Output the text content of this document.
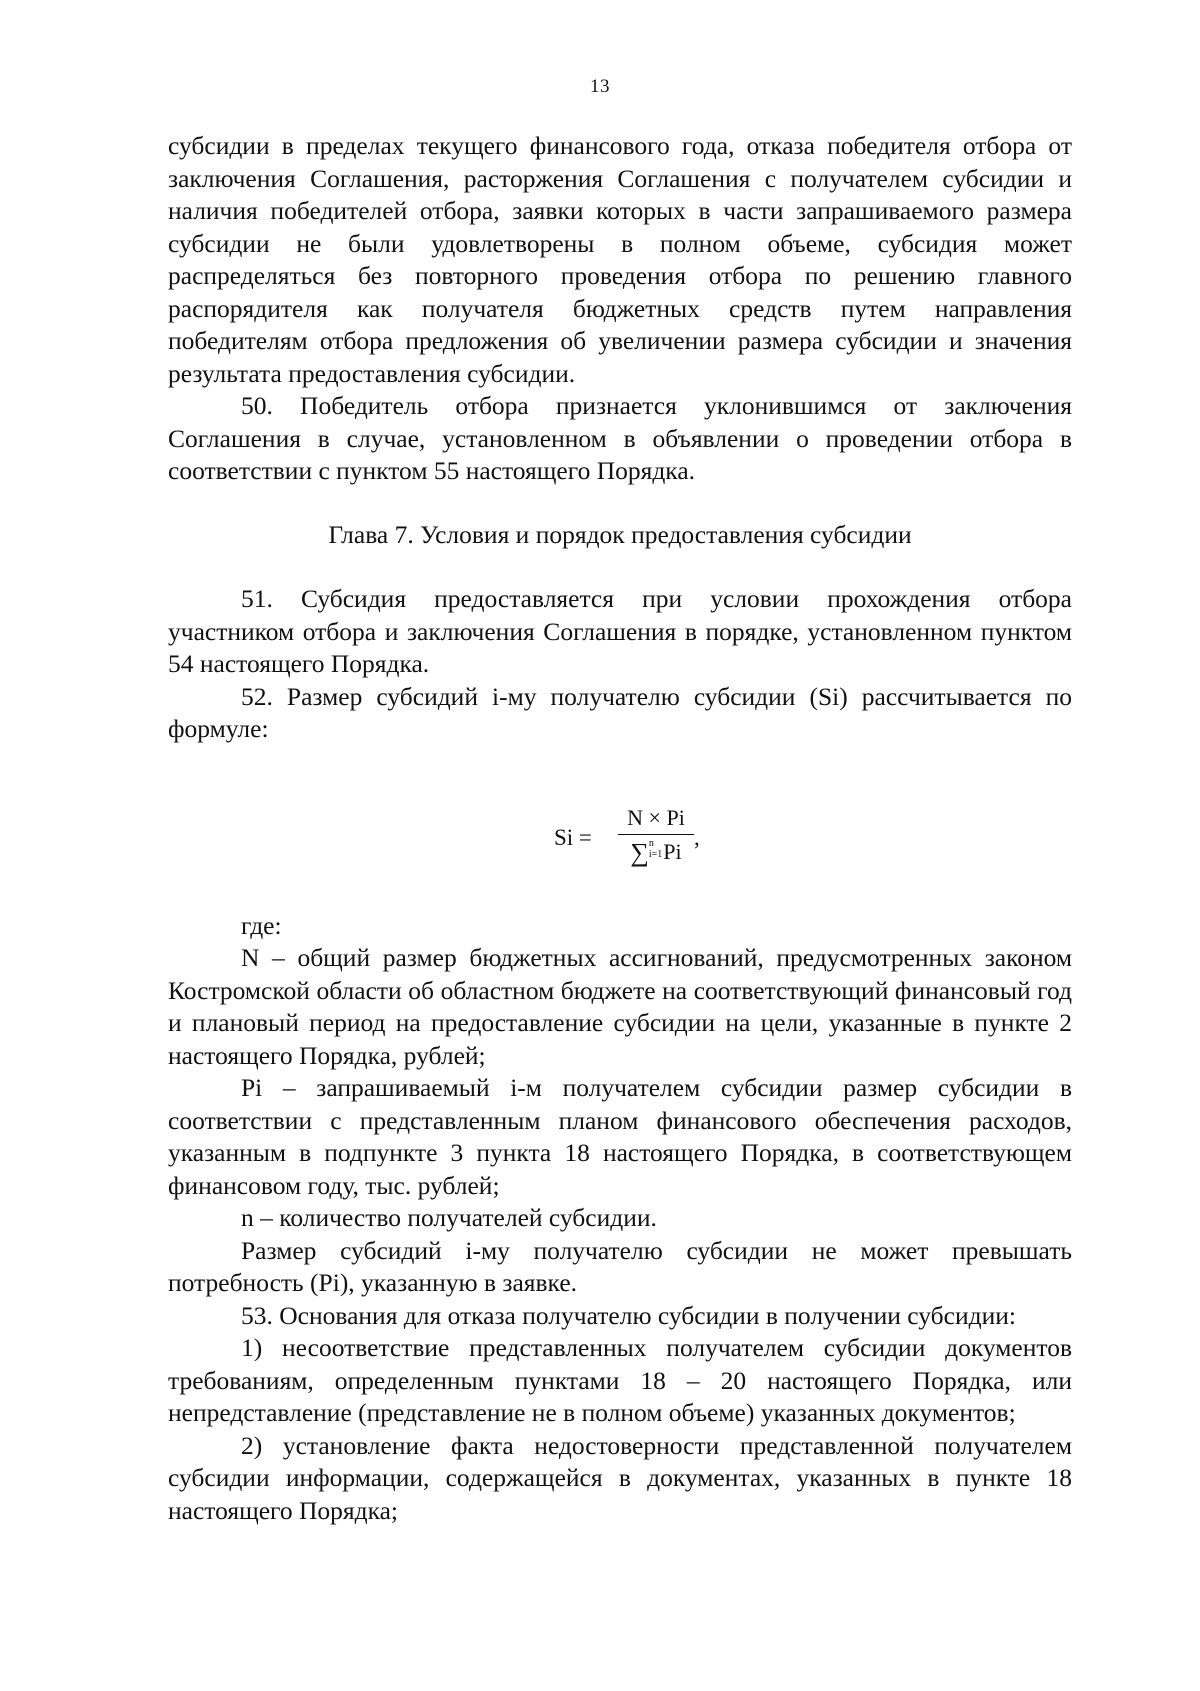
13

субсидии в пределах текущего финансового года, отказа победителя отбора от заключения Соглашения, расторжения Соглашения с получателем субсидии и наличия победителей отбора, заявки которых в части запрашиваемого размера субсидии не были удовлетворены в полном объеме, субсидия может распределяться без повторного проведения отбора по решению главного распорядителя как получателя бюджетных средств путем направления победителям отбора предложения об увеличении размера субсидии и значения результата предоставления субсидии.

50. Победитель отбора признается уклонившимся от заключения Соглашения в случае, установленном в объявлении о проведении отбора в соответствии с пунктом 55 настоящего Порядка.

Глава 7. Условия и порядок предоставления субсидии

51. Субсидия предоставляется при условии прохождения отбора участником отбора и заключения Соглашения в порядке, установленном пунктом 54 настоящего Порядка.

52. Размер субсидий i-му получателю субсидии (Si) рассчитывается по формуле:

Si =
N × Pi
∑ n
i=1 Pi
,

где:

N – общий размер бюджетных ассигнований, предусмотренных законом Костромской области об областном бюджете на соответствующий финансовый год и плановый период на предоставление субсидии на цели, указанные в пункте 2 настоящего Порядка, рублей;

Pi – запрашиваемый i-м получателем субсидии размер субсидии в соответствии с представленным планом финансового обеспечения расходов, указанным в подпункте 3 пункта 18 настоящего Порядка, в соответствующем финансовом году, тыс. рублей;

n – количество получателей субсидии.

Размер субсидий i-му получателю субсидии не может превышать потребность (Pi), указанную в заявке.

53. Основания для отказа получателю субсидии в получении субсидии:

1) несоответствие представленных получателем субсидии документов требованиям, определенным пунктами 18 – 20 настоящего Порядка, или непредставление (представление не в полном объеме) указанных документов;

2) установление факта недостоверности представленной получателем субсидии информации, содержащейся в документах, указанных в пункте 18 настоящего Порядка;
